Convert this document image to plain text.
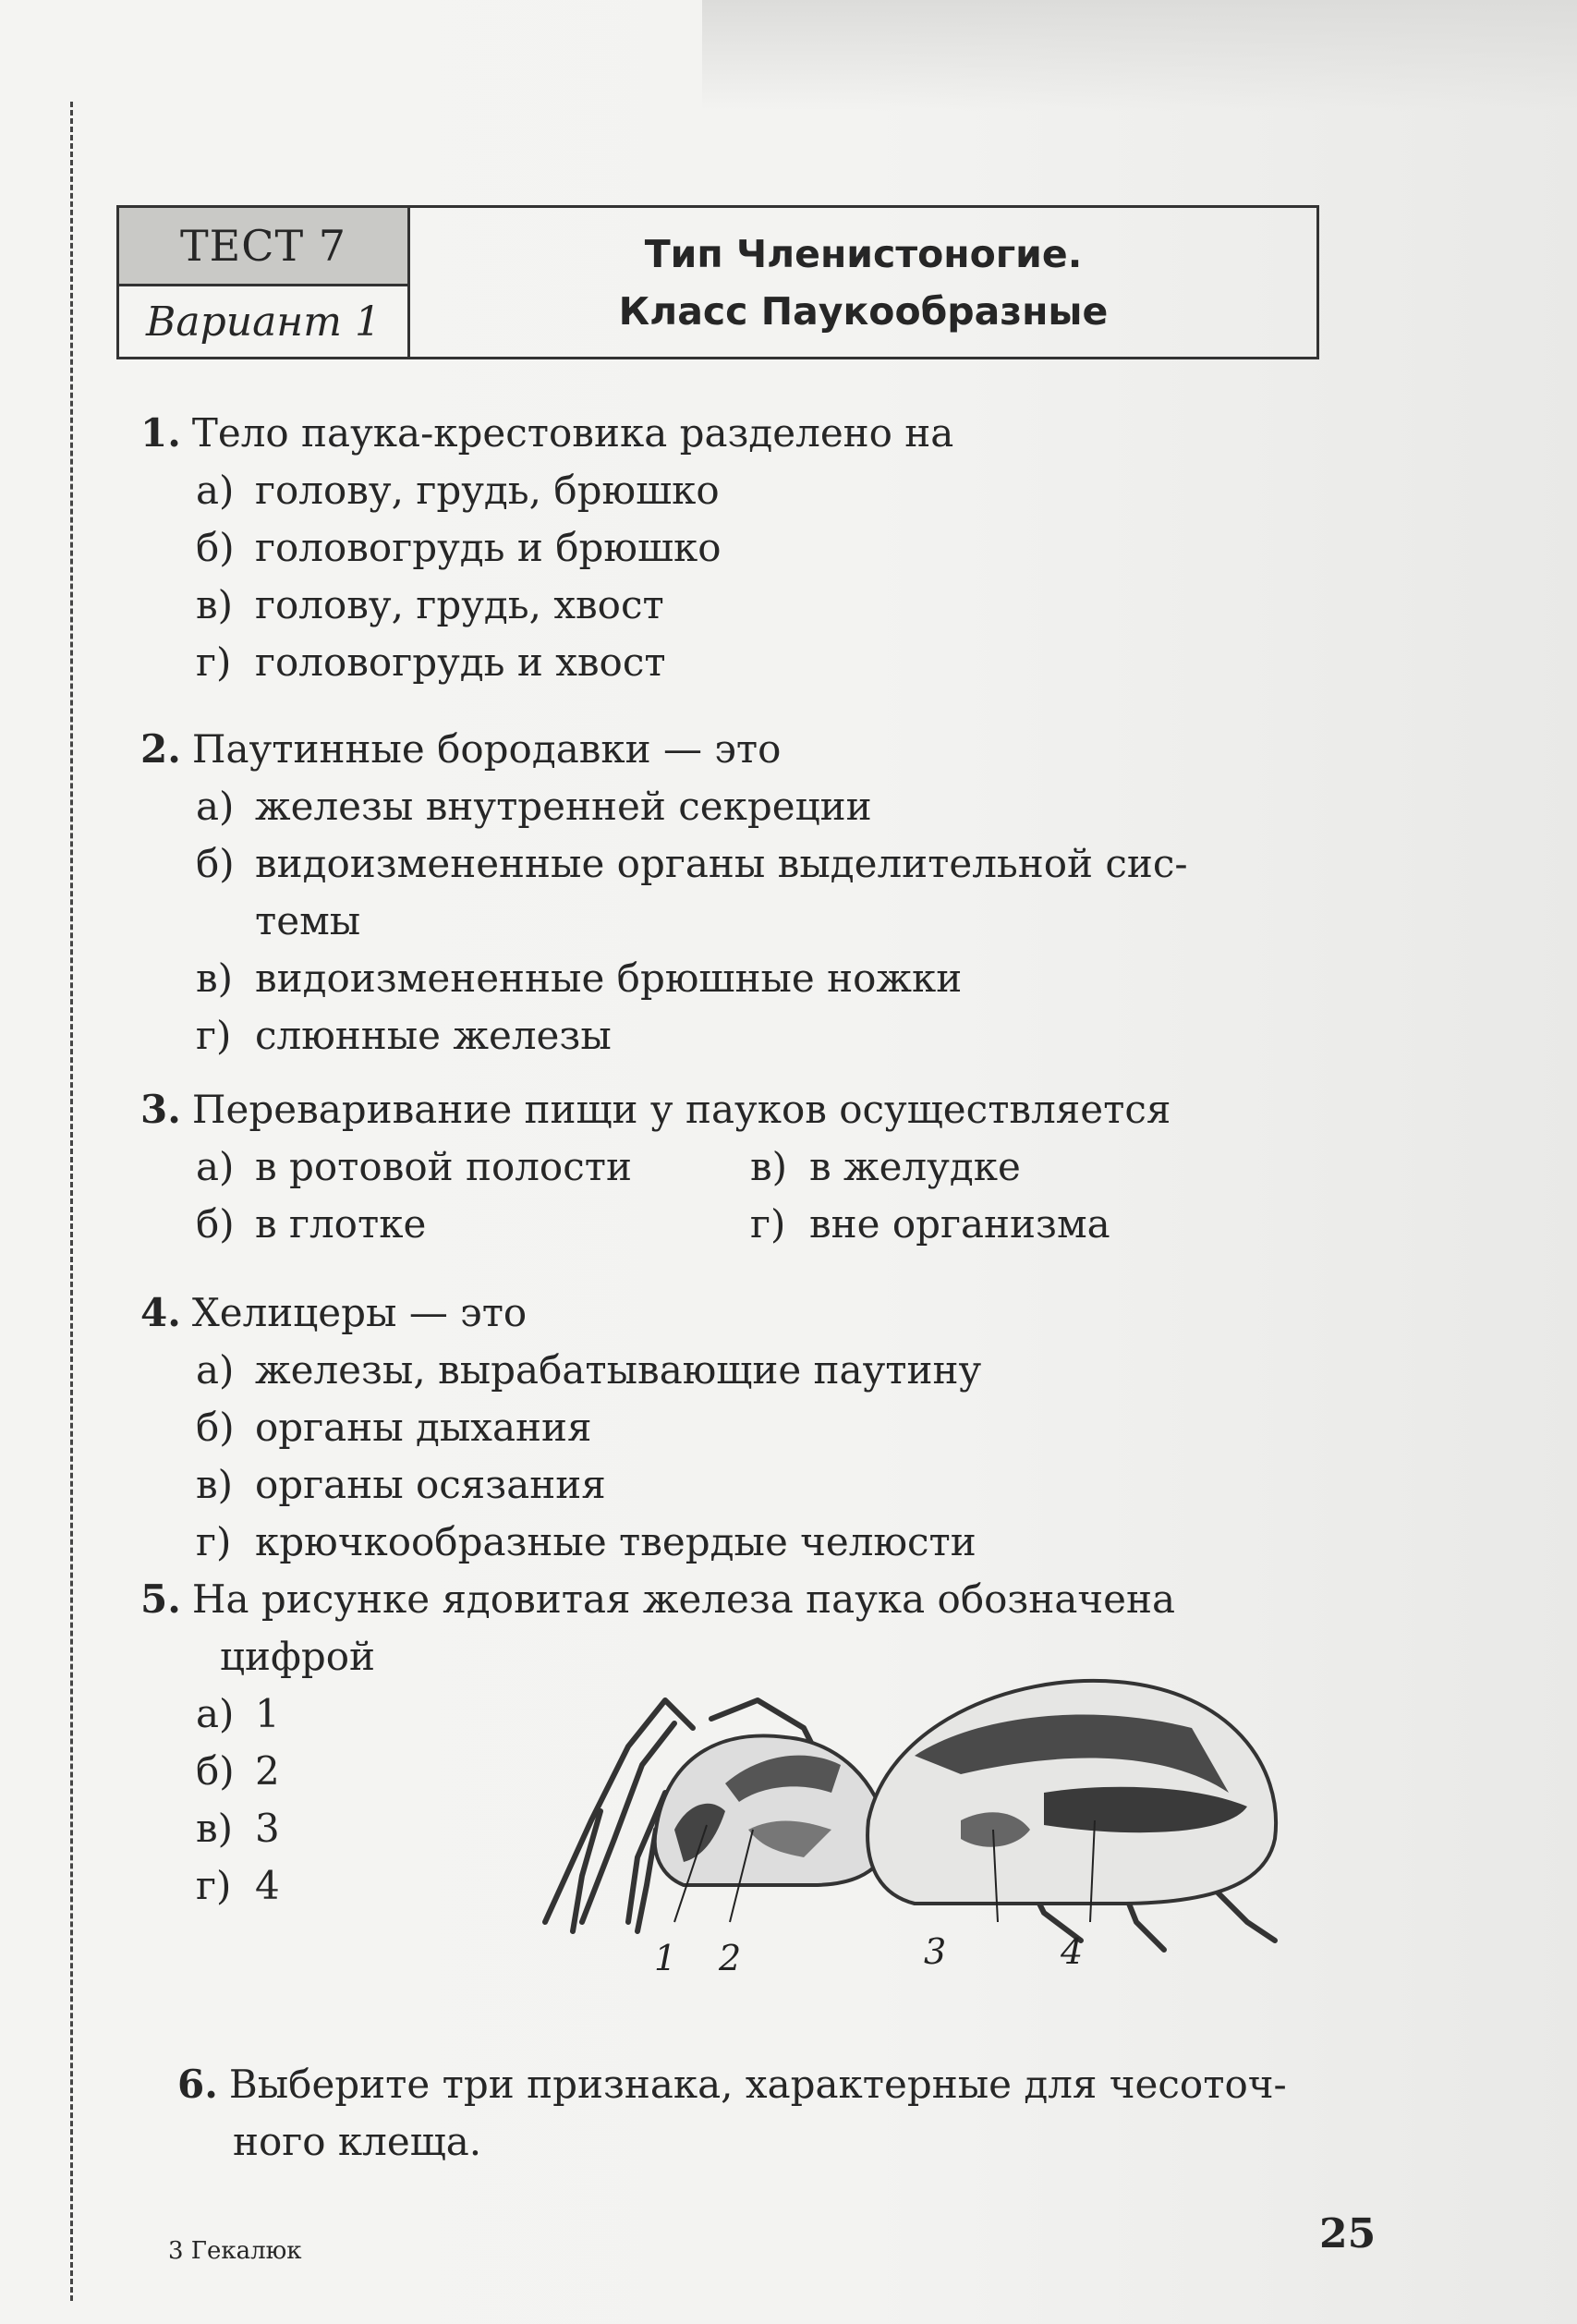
ТЕСТ 7
Вариант 1
Тип Членистоногие.
Класс Паукообразные
1. Тело паука-крестовика разделено на
а) голову, грудь, брюшко
б) головогрудь и брюшко
в) голову, грудь, хвост
г) головогрудь и хвост
2. Паутинные бородавки — это
а) железы внутренней секреции
б) видоизмененные органы выделительной сис-
темы
в) видоизмененные брюшные ножки
г) слюнные железы
3. Переваривание пищи у пауков осуществляется
а) в ротовой полости	в) в желудке
б) в глотке	г) вне организма
4. Хелицеры — это
а) железы, вырабатывающие паутину
б) органы дыхания
в) органы осязания
г) крючкообразные твердые челюсти
5. На рисунке ядовитая железа паука обозначена
цифрой
а) 1
б) 2
в) 3
г) 4
1 2	3	4
6. Выберите три признака, характерные для чесоточ-
ного клеща.
3 Гекалюк	25
